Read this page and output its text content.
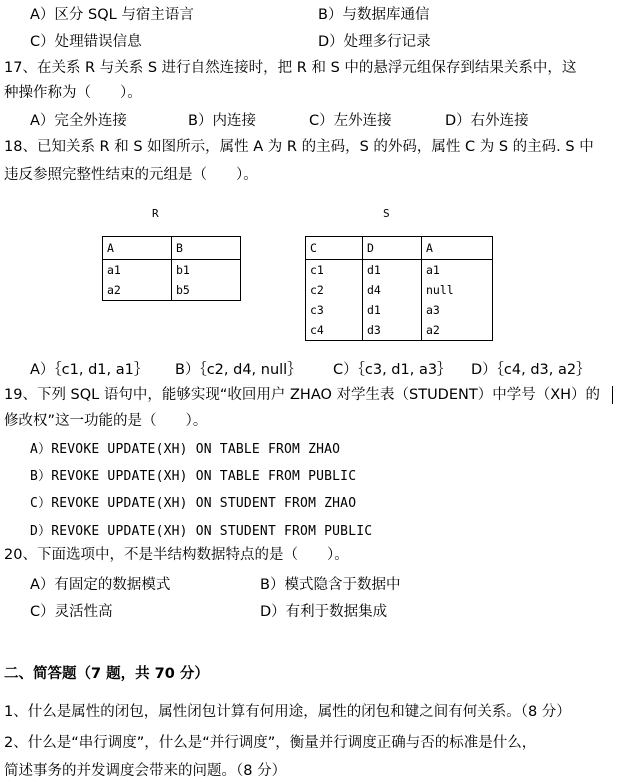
A）区分 SQL 与宿主语言	B）与数据库通信
C）处理错误信息	D）处理多行记录
17、在关系 R 与关系 S 进行自然连接时，把 R 和 S 中的悬浮元组保存到结果关系中，这
种操作称为（　　）。
A）完全外连接	B）内连接	C）左外连接	D）右外连接
18、已知关系 R 和 S 如图所示，属性 A 为 R 的主码，S 的外码，属性 C 为 S 的主码. S 中
违反参照完整性结束的元组是（　　）。
R
A	B
a1	b1
a2	b5
S
C	D	A
c1	d1	a1
c2	d4	null
c3	d1	a3
c4	d3	a2
A）｛c1, d1, a1｝ B）｛c2, d4, null｝ C）｛c3, d1, a3｝ D）｛c4, d3, a2｝
19、下列 SQL 语句中，能够实现“收回用户 ZHAO 对学生表（STUDENT）中学号（XH）的
修改权”这一功能的是（　　）。
A）REVOKE UPDATE(XH) ON TABLE FROM ZHAO
B）REVOKE UPDATE(XH) ON TABLE FROM PUBLIC
C）REVOKE UPDATE(XH) ON STUDENT FROM ZHAO
D）REVOKE UPDATE(XH) ON STUDENT FROM PUBLIC
20、下面选项中，不是半结构数据特点的是（　　）。
A）有固定的数据模式	B）模式隐含于数据中
C）灵活性高	D）有利于数据集成
二、简答题（7 题，共 70 分）
1、什么是属性的闭包，属性闭包计算有何用途，属性的闭包和键之间有何关系。（8 分）
2、什么是“串行调度”，什么是“并行调度”，衡量并行调度正确与否的标准是什么，
简述事务的并发调度会带来的问题。（8 分）
